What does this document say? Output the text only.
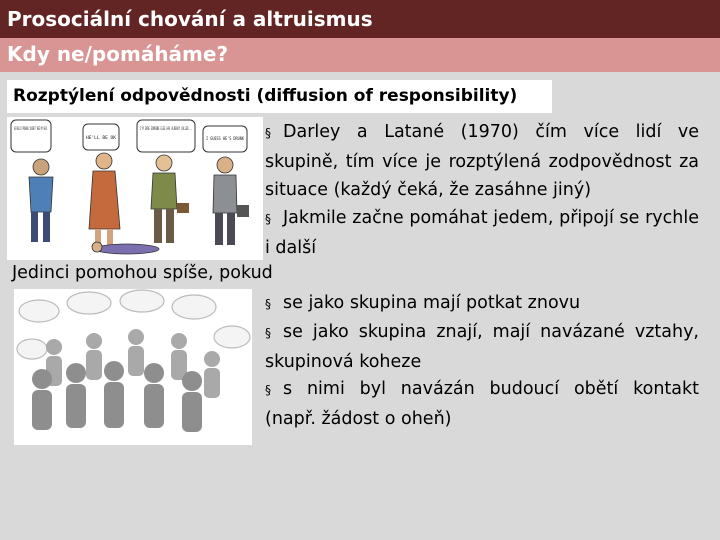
Prosociální chování a altruismus
Kdy ne/pomáháme?
Rozptýlení odpovědnosti (diffusion of responsibility)
HE'LL BE OK	I GUESS HE'S DRUNK § Darley a Latané (1970) čím více lidí ve skupině, tím více je rozptýlená zodpovědnost za situace (každý čeká, že zasáhne jiný)
§ Jakmile začne pomáhat jedem, připojí se rychle i další
Jedinci pomohou spíše, pokud
§ se jako skupina mají potkat znovu
§ se jako skupina znají, mají navázané vztahy, skupinová koheze
§ s nimi byl navázán budoucí obětí kontakt (např. žádost o oheň)
